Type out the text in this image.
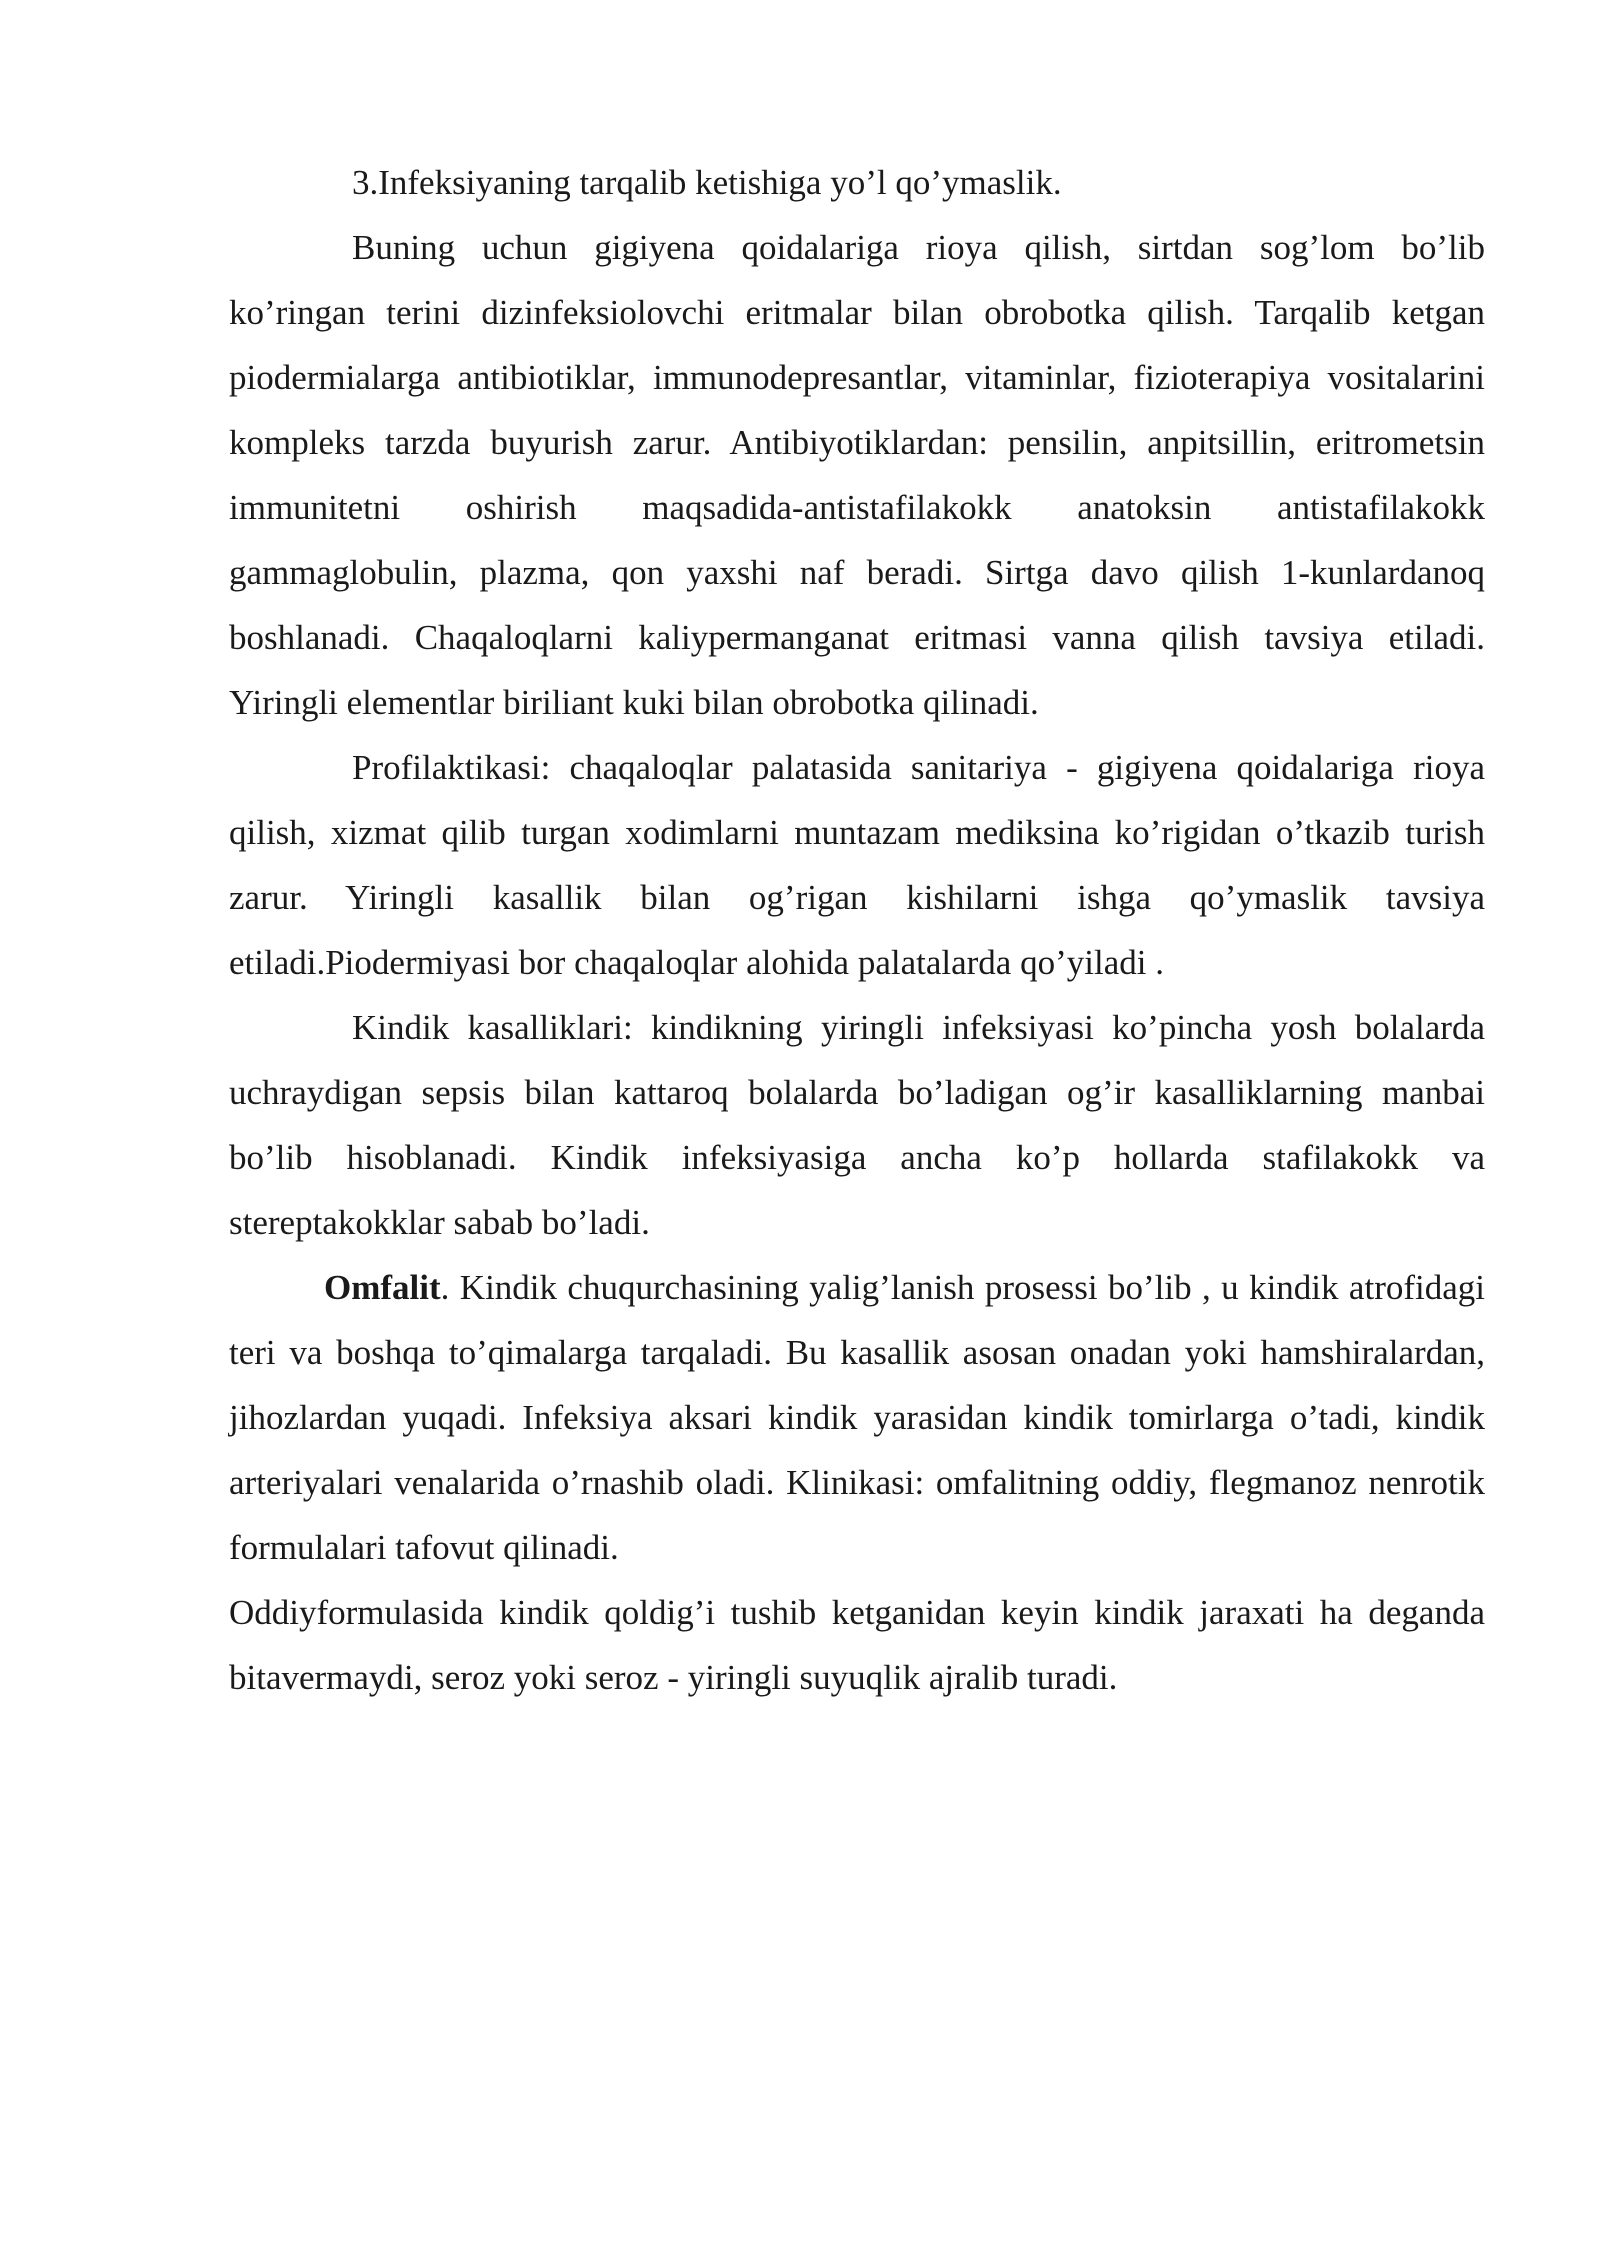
3.Infeksiyaning tarqalib ketishiga yo’l qo’ymaslik.

Buning uchun gigiyena qoidalariga rioya qilish, sirtdan sog’lom bo’lib ko’ringan terini dizinfeksiolovchi eritmalar bilan obrobotka qilish. Tarqalib ketgan piodermialarga antibiotiklar, immunodepresantlar, vitaminlar, fizioterapiya vositalarini kompleks tarzda buyurish zarur. Antibiyotiklardan: pensilin, anpitsillin, eritrometsin immunitetni oshirish maqsadida-antistafilakokk anatoksin antistafilakokk gammaglobulin, plazma, qon yaxshi naf beradi. Sirtga davo qilish 1-kunlardanoq boshlanadi. Chaqaloqlarni kaliypermanganat eritmasi vanna qilish tavsiya etiladi. Yiringli elementlar biriliant kuki bilan obrobotka qilinadi.

Profilaktikasi: chaqaloqlar palatasida sanitariya - gigiyena qoidalariga rioya qilish, xizmat qilib turgan xodimlarni muntazam mediksina ko’rigidan o’tkazib turish zarur. Yiringli kasallik bilan og’rigan kishilarni ishga qo’ymaslik tavsiya etiladi.Piodermiyasi bor chaqaloqlar alohida palatalarda qo’yiladi .

Kindik kasalliklari: kindikning yiringli infeksiyasi ko’pincha yosh bolalarda uchraydigan sepsis bilan kattaroq bolalarda bo’ladigan og’ir kasalliklarning manbai bo’lib hisoblanadi. Kindik infeksiyasiga ancha ko’p hollarda stafilakokk va stereptakokklar sabab bo’ladi.

Omfalit. Kindik chuqurchasining yalig’lanish prosessi bo’lib , u kindik atrofidagi teri va boshqa to’qimalarga tarqaladi. Bu kasallik asosan onadan yoki hamshiralardan, jihozlardan yuqadi. Infeksiya aksari kindik yarasidan kindik tomirlarga o’tadi, kindik arteriyalari venalarida o’rnashib oladi. Klinikasi: omfalitning oddiy, flegmanoz nenrotik formulalari tafovut qilinadi.

Oddiyformulasida kindik qoldig’i tushib ketganidan keyin kindik jaraxati ha deganda bitavermaydi, seroz yoki seroz - yiringli suyuqlik ajralib turadi.
